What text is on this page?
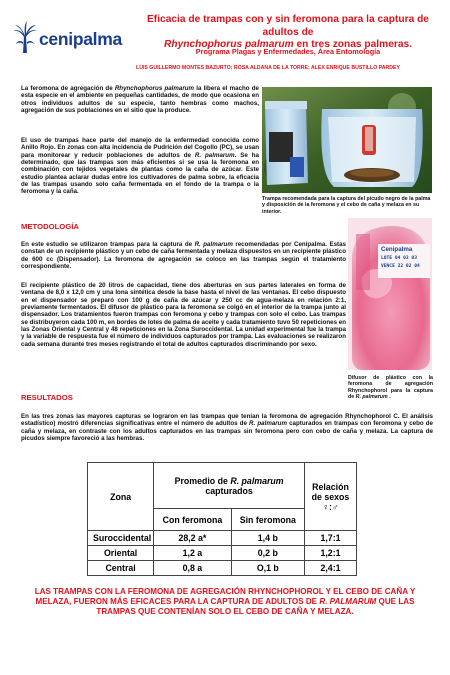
cenipalma
Eficacia de trampas con y sin feromona para la captura de adultos de
Rhynchophorus palmarum en tres zonas palmeras.
Programa Plagas y Enfermedades, Área Entomología
LUIS GUILLERMO MONTES BAZURTO; ROSA ALDANA DE LA TORRE; ALEX ENRIQUE BUSTILLO PARDEY
La feromona de agregación de Rhynchophorus palmarum la libera el macho de esta especie en el ambiente en pequeñas cantidades, de modo que ocasiona en otros individuos adultos de su especie, tanto hembras como machos, agregación de sus poblaciones en el sitio que la produce.
El uso de trampas hace parte del manejo de la enfermedad conocida como Anillo Rojo. En zonas con alta incidencia de Pudrición del Cogollo (PC), se usan para monitorear y reducir poblaciones de adultos de R. palmarum. Se ha determinado, que las trampas son más eficientes si se usa la feromona en combinación con tejidos vegetales de plantas como la caña de azúcar. Este estudio plantea aclarar dudas entre los cultivadores de palma sobre, la eficacia de las trampas usando solo caña fermentada en el fondo de la trampa o la feromona y la caña.
Trampa recomendada para la captura del picudo negro de la palma y disposición de la feromona y el cebo de caña y melaza en su interior.
Cenipalma
LOTE 04 03 03
VENCE 22 02 04
Difusor de plástico con la feromona de agregación Rhynchophorol para la captura de R. palmarum .
METODOLOGÍA
En este estudio se utilizaron trampas para la captura de R. palmarum recomendadas por Cenipalma. Estas constan de un recipiente plástico y un cebo de caña fermentada y melaza dispuestos en un recipiente plástico de 600 cc (Dispensador). La feromona de agregación se coloco en las trampas según el tratamiento correspondiente.
El recipiente plástico de 20 litros de capacidad, tiene dos aberturas en sus partes laterales en forma de ventana de 8,0 x 12,0 cm y una lona sintética desde la base hasta el nivel de las ventanas. El cebo dispuesto en el dispensador se preparó con 100 g de caña de azúcar y 250 cc de agua-melaza en relación 2:1, previamente fermentados. El difusor de plástico para la feromona se colgó en el interior de la trampa junto al dispensador. Los tratamientos fueron trampas con feromona y cebo y trampas con solo el cebo. Las trampas se distribuyeron cada 100 m, en bordes de lotes de palma de aceite y cada tratamiento tuvo 50 repeticiones en las Zonas Oriental y Central y 48 repeticiones en la Zona Suroccidental. La unidad experimental fue la trampa y la variable de respuesta fue el número de individuos capturados por trampa. Las evaluaciones se realizaron cada semana durante tres meses registrando el total de adultos capturados discriminando por sexo.
RESULTADOS
En las tres zonas las mayores capturas se lograron en las trampas que tenían la feromona de agregación Rhynchophorol C. El análisis estadístico) mostró diferencias significativas entre el número de adultos de R. palmarum capturados en trampas con feromona y cebo de caña y melaza, en contraste con los adultos capturados en las trampas sin feromona pero con cebo de caña y melaza. La captura de picudos siempre favoreció a las hembras.
Zona	Promedio de R. palmarum
capturados		Relación de sexos
♀:♂
	Con feromona	Sin feromona	
Suroccidental	28,2 a*	1,4 b	1,7:1
Oriental	1,2 a	0,2 b	1,2:1
Central	0,8 a	O,1 b	2,4:1
LAS TRAMPAS CON LA FEROMONA DE AGREGACIÓN RHYNCHOPHOROL Y EL CEBO DE CAÑA Y MELAZA, FUERON MÁS EFICACES PARA LA CAPTURA DE ADULTOS DE R. PALMARUM QUE LAS TRAMPAS QUE CONTENÍAN SOLO EL CEBO DE CAÑA Y MELAZA.
